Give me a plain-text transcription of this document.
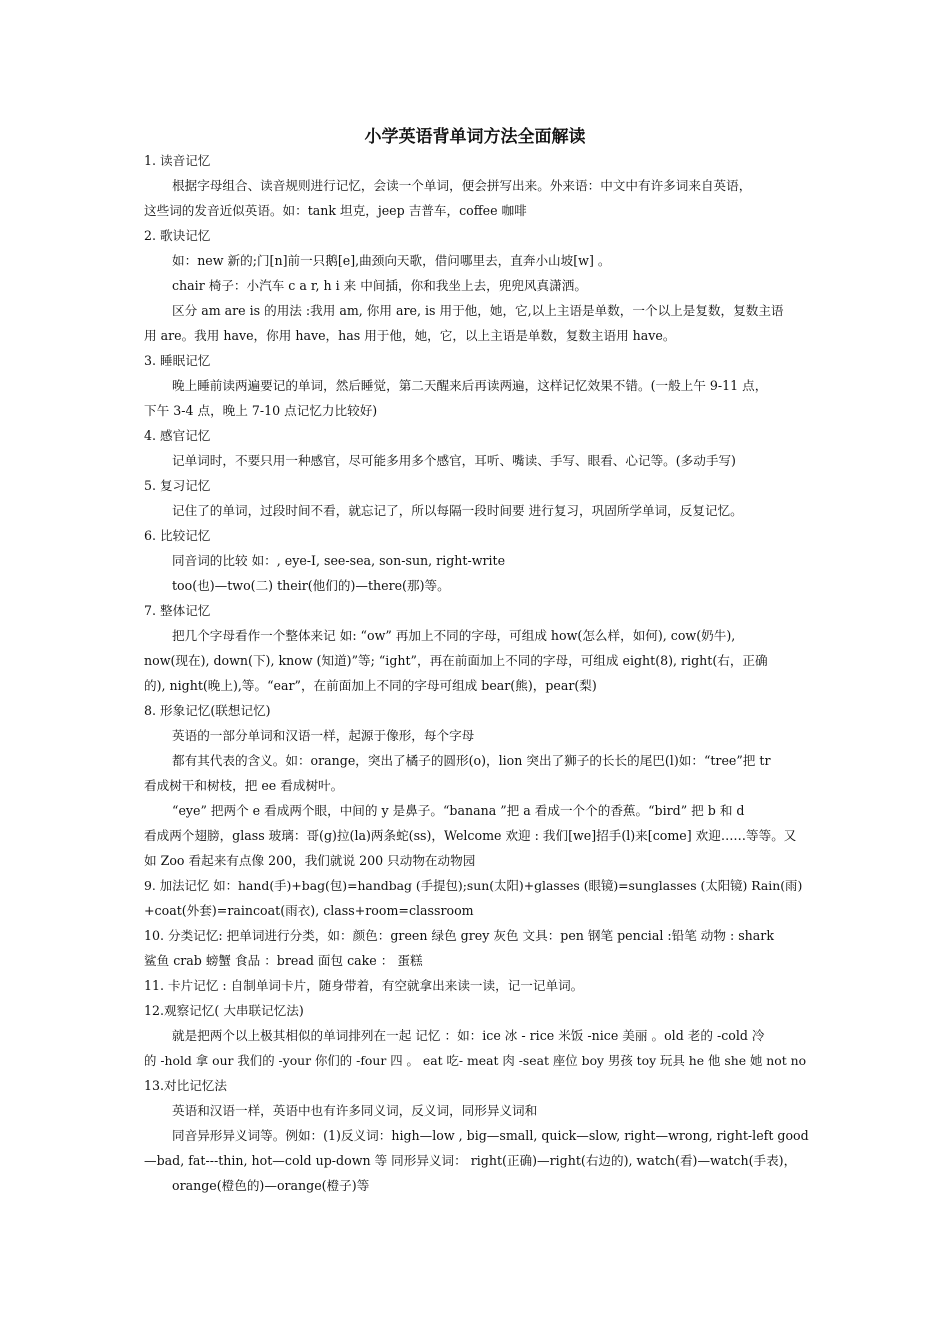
小学英语背单词方法全面解读
1. 读音记忆
根据字母组合、读音规则进行记忆，会读一个单词，便会拼写出来。外来语：中文中有许多词来自英语，
这些词的发音近似英语。如：tank 坦克，jeep 吉普车，coffee 咖啡
2. 歌诀记忆
如：new 新的;门[n]前一只鹅[e],曲颈向天歌，借问哪里去，直奔小山坡[w] 。
chair 椅子：小汽车 c a r, h i 来 中间插，你和我坐上去，兜兜风真潇洒。
区分 am are is 的用法 :我用 am, 你用 are, is 用于他，她，它,以上主语是单数，一个以上是复数，复数主语
用 are。我用 have，你用 have，has 用于他，她，它，以上主语是单数，复数主语用 have。
3. 睡眠记忆
晚上睡前读两遍要记的单词，然后睡觉，第二天醒来后再读两遍，这样记忆效果不错。(一般上午 9-11 点，
下午 3-4 点，晚上 7-10 点记忆力比较好)
4. 感官记忆
记单词时，不要只用一种感官，尽可能多用多个感官，耳听、嘴读、手写、眼看、心记等。(多动手写)
5. 复习记忆
记住了的单词，过段时间不看，就忘记了，所以每隔一段时间要 进行复习，巩固所学单词，反复记忆。
6. 比较记忆
同音词的比较 如：, eye-I, see-sea, son-sun, right-write
too(也)—two(二) their(他们的)—there(那)等。
7. 整体记忆
把几个字母看作一个整体来记 如: “ow” 再加上不同的字母，可组成 how(怎么样，如何), cow(奶牛),
now(现在), down(下), know (知道)”等; “ight”，再在前面加上不同的字母，可组成 eight(8), right(右，正确
的), night(晚上),等。“ear”，在前面加上不同的字母可组成 bear(熊)，pear(梨)
8. 形象记忆(联想记忆)
英语的一部分单词和汉语一样，起源于像形，每个字母
都有其代表的含义。如：orange，突出了橘子的圆形(o)，lion 突出了狮子的长长的尾巴(l)如：“tree”把 tr
看成树干和树枝，把 ee 看成树叶。
“eye” 把两个 e 看成两个眼，中间的 y 是鼻子。“banana ”把 a 看成一个个的香蕉。“bird” 把 b 和 d
看成两个翅膀，glass 玻璃：哥(g)拉(la)两条蛇(ss)，Welcome 欢迎 : 我们[we]招手(l)来[come] 欢迎……等等。又
如 Zoo 看起来有点像 200，我们就说 200 只动物在动物园
9. 加法记忆 如：hand(手)+bag(包)=handbag (手提包);sun(太阳)+glasses (眼镜)=sunglasses (太阳镜) Rain(雨)
+coat(外套)=raincoat(雨衣), class+room=classroom
10. 分类记忆: 把单词进行分类，如：颜色：green 绿色 grey 灰色 文具：pen 钢笔 pencial :铅笔 动物 : shark
鲨鱼 crab 螃蟹 食品 ：bread 面包 cake ： 蛋糕
11. 卡片记忆 : 自制单词卡片，随身带着，有空就拿出来读一读，记一记单词。
12.观察记忆( 大串联记忆法)
就是把两个以上极其相似的单词排列在一起 记忆 ：如：ice 冰 - rice 米饭 -nice 美丽 。old 老的 -cold 冷
的 -hold 拿 our 我们的 -your 你们的 -four 四 。 eat 吃- meat 肉 -seat 座位 boy 男孩 toy 玩具 he 他 she 她 not no
13.对比记忆法
英语和汉语一样，英语中也有许多同义词，反义词，同形异义词和
同音异形异义词等。例如：(1)反义词：high—low , big—small, quick—slow, right—wrong, right-left good
—bad, fat---thin, hot—cold up-down 等 同形异义词： right(正确)—right(右边的), watch(看)—watch(手表)，
orange(橙色的)—orange(橙子)等
